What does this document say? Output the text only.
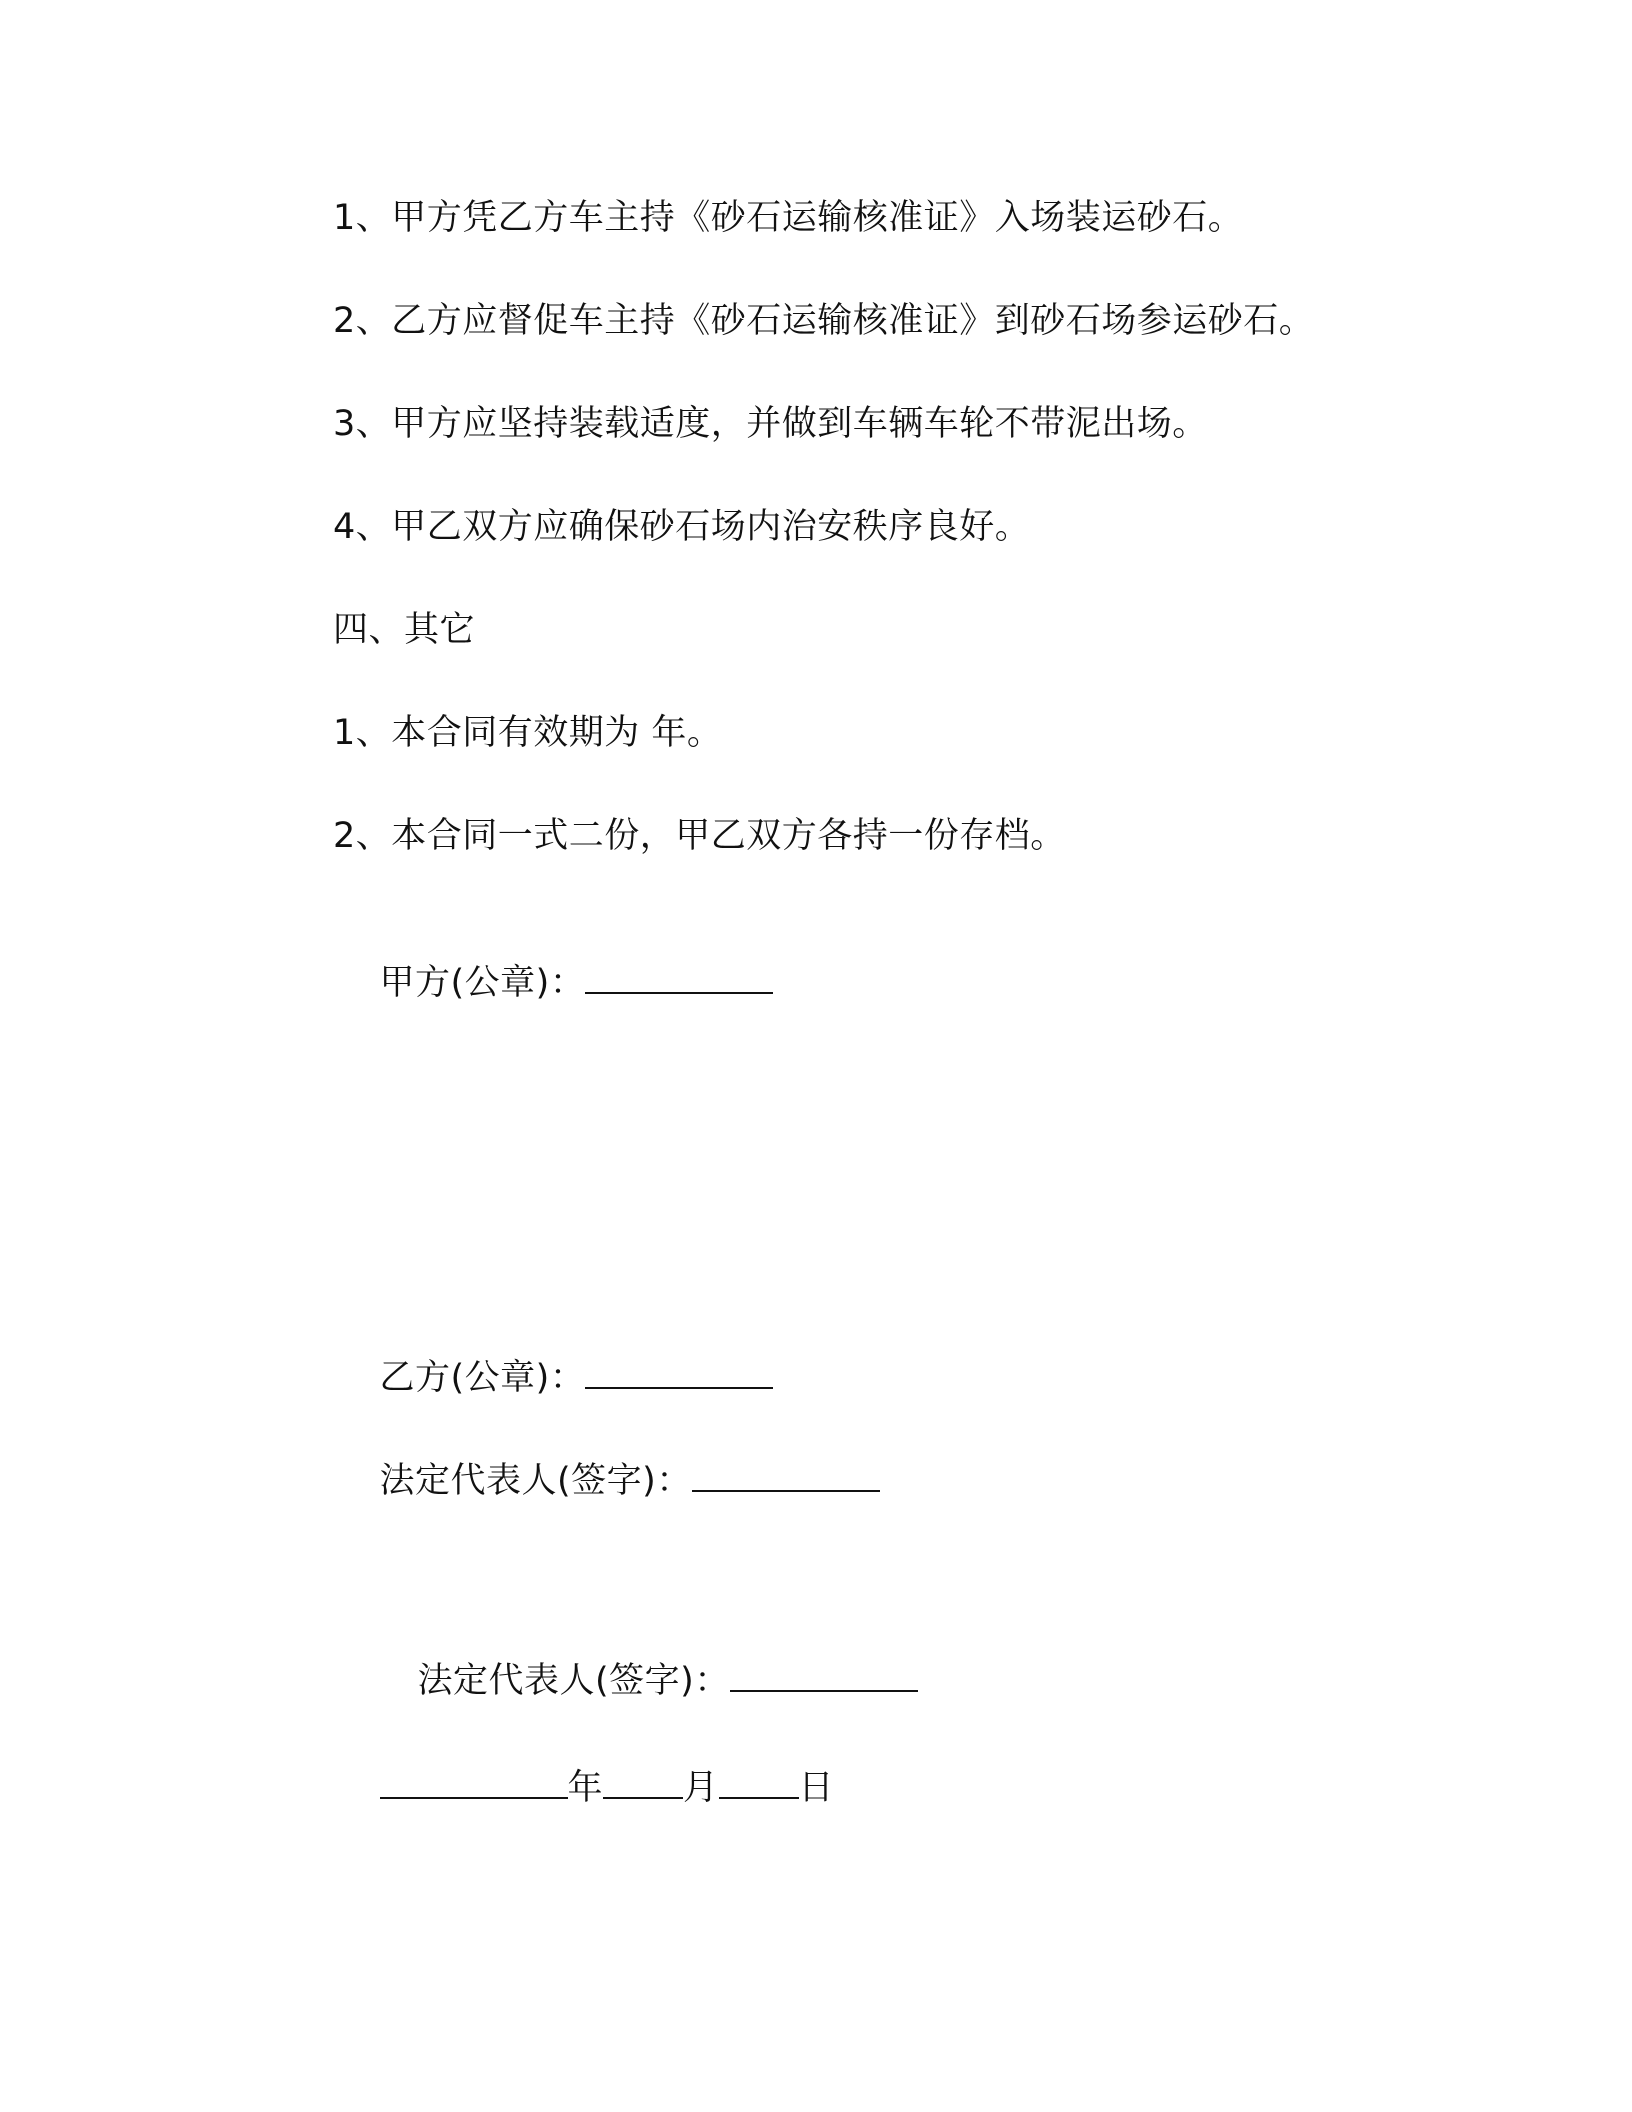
1、甲方凭乙方车主持《砂石运输核准证》入场装运砂石。
2、乙方应督促车主持《砂石运输核准证》到砂石场参运砂石。
3、甲方应坚持装载适度，并做到车辆车轮不带泥出场。
4、甲乙双方应确保砂石场内治安秩序良好。
四、其它
1、本合同有效期为 年。
2、本合同一式二份，甲乙双方各持一份存档。

甲方(公章)：

乙方(公章)：

法定代表人(签字)：

法定代表人(签字)：

年 月 日
